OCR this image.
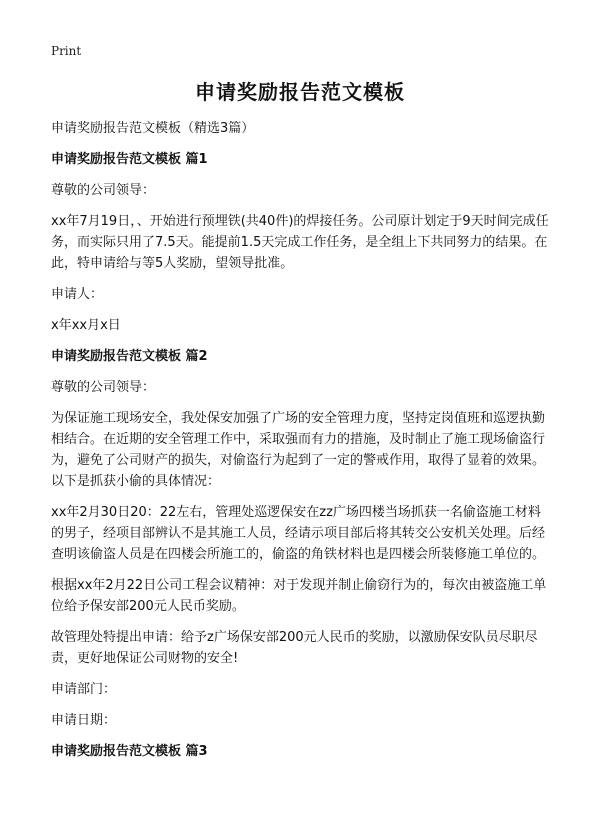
Print
申请奖励报告范文模板

申请奖励报告范文模板（精选3篇）

申请奖励报告范文模板 篇1

尊敬的公司领导：

xx年7月19日，、开始进行预埋铁(共40件)的焊接任务。公司原计划定于9天时间完成任务，而实际只用了7.5天。能提前1.5天完成工作任务，是全组上下共同努力的结果。在此，特申请给与等5人奖励，望领导批准。

申请人：

x年xx月x日

申请奖励报告范文模板 篇2

尊敬的公司领导：

为保证施工现场安全，我处保安加强了广场的安全管理力度，坚持定岗值班和巡逻执勤相结合。在近期的安全管理工作中，采取强而有力的措施，及时制止了施工现场偷盗行为，避免了公司财产的损失，对偷盗行为起到了一定的警戒作用，取得了显着的效果。以下是抓获小偷的具体情况：

xx年2月30日20：22左右，管理处巡逻保安在zz广场四楼当场抓获一名偷盗施工材料的男子，经项目部辨认不是其施工人员，经请示项目部后将其转交公安机关处理。后经查明该偷盗人员是在四楼会所施工的，偷盗的角铁材料也是四楼会所装修施工单位的。

根据xx年2月22日公司工程会议精神：对于发现并制止偷窃行为的，每次由被盗施工单位给予保安部200元人民币奖励。

故管理处特提出申请：给予z广场保安部200元人民币的奖励，以激励保安队员尽职尽责，更好地保证公司财物的安全!

申请部门：

申请日期：

申请奖励报告范文模板 篇3
